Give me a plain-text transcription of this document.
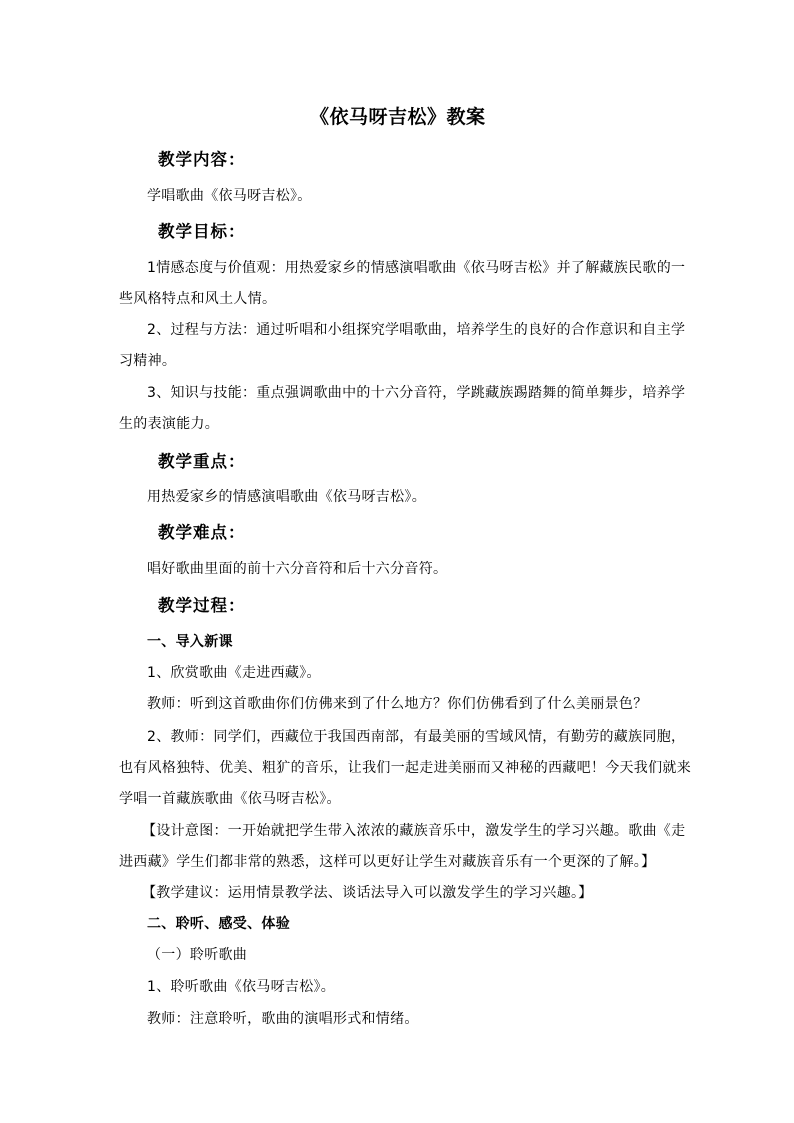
《依马呀吉松》教案
教学内容：
学唱歌曲《依马呀吉松》。
教学目标：
1情感态度与价值观：用热爱家乡的情感演唱歌曲《依马呀吉松》并了解藏族民歌的一
些风格特点和风土人情。
2、过程与方法：通过听唱和小组探究学唱歌曲，培养学生的良好的合作意识和自主学
习精神。
3、知识与技能：重点强调歌曲中的十六分音符，学跳藏族踢踏舞的简单舞步，培养学
生的表演能力。
教学重点：
用热爱家乡的情感演唱歌曲《依马呀吉松》。
教学难点：
唱好歌曲里面的前十六分音符和后十六分音符。
教学过程：
一、导入新课
1、欣赏歌曲《走进西藏》。
教师：听到这首歌曲你们仿佛来到了什么地方？你们仿佛看到了什么美丽景色？
2、教师：同学们，西藏位于我国西南部，有最美丽的雪域风情，有勤劳的藏族同胞，
也有风格独特、优美、粗犷的音乐，让我们一起走进美丽而又神秘的西藏吧！今天我们就来
学唱一首藏族歌曲《依马呀吉松》。
【设计意图：一开始就把学生带入浓浓的藏族音乐中，激发学生的学习兴趣。歌曲《走
进西藏》学生们都非常的熟悉，这样可以更好让学生对藏族音乐有一个更深的了解。】
【教学建议：运用情景教学法、谈话法导入可以激发学生的学习兴趣。】
二、聆听、感受、体验
（一）聆听歌曲
1、聆听歌曲《依马呀吉松》。
教师：注意聆听，歌曲的演唱形式和情绪。
